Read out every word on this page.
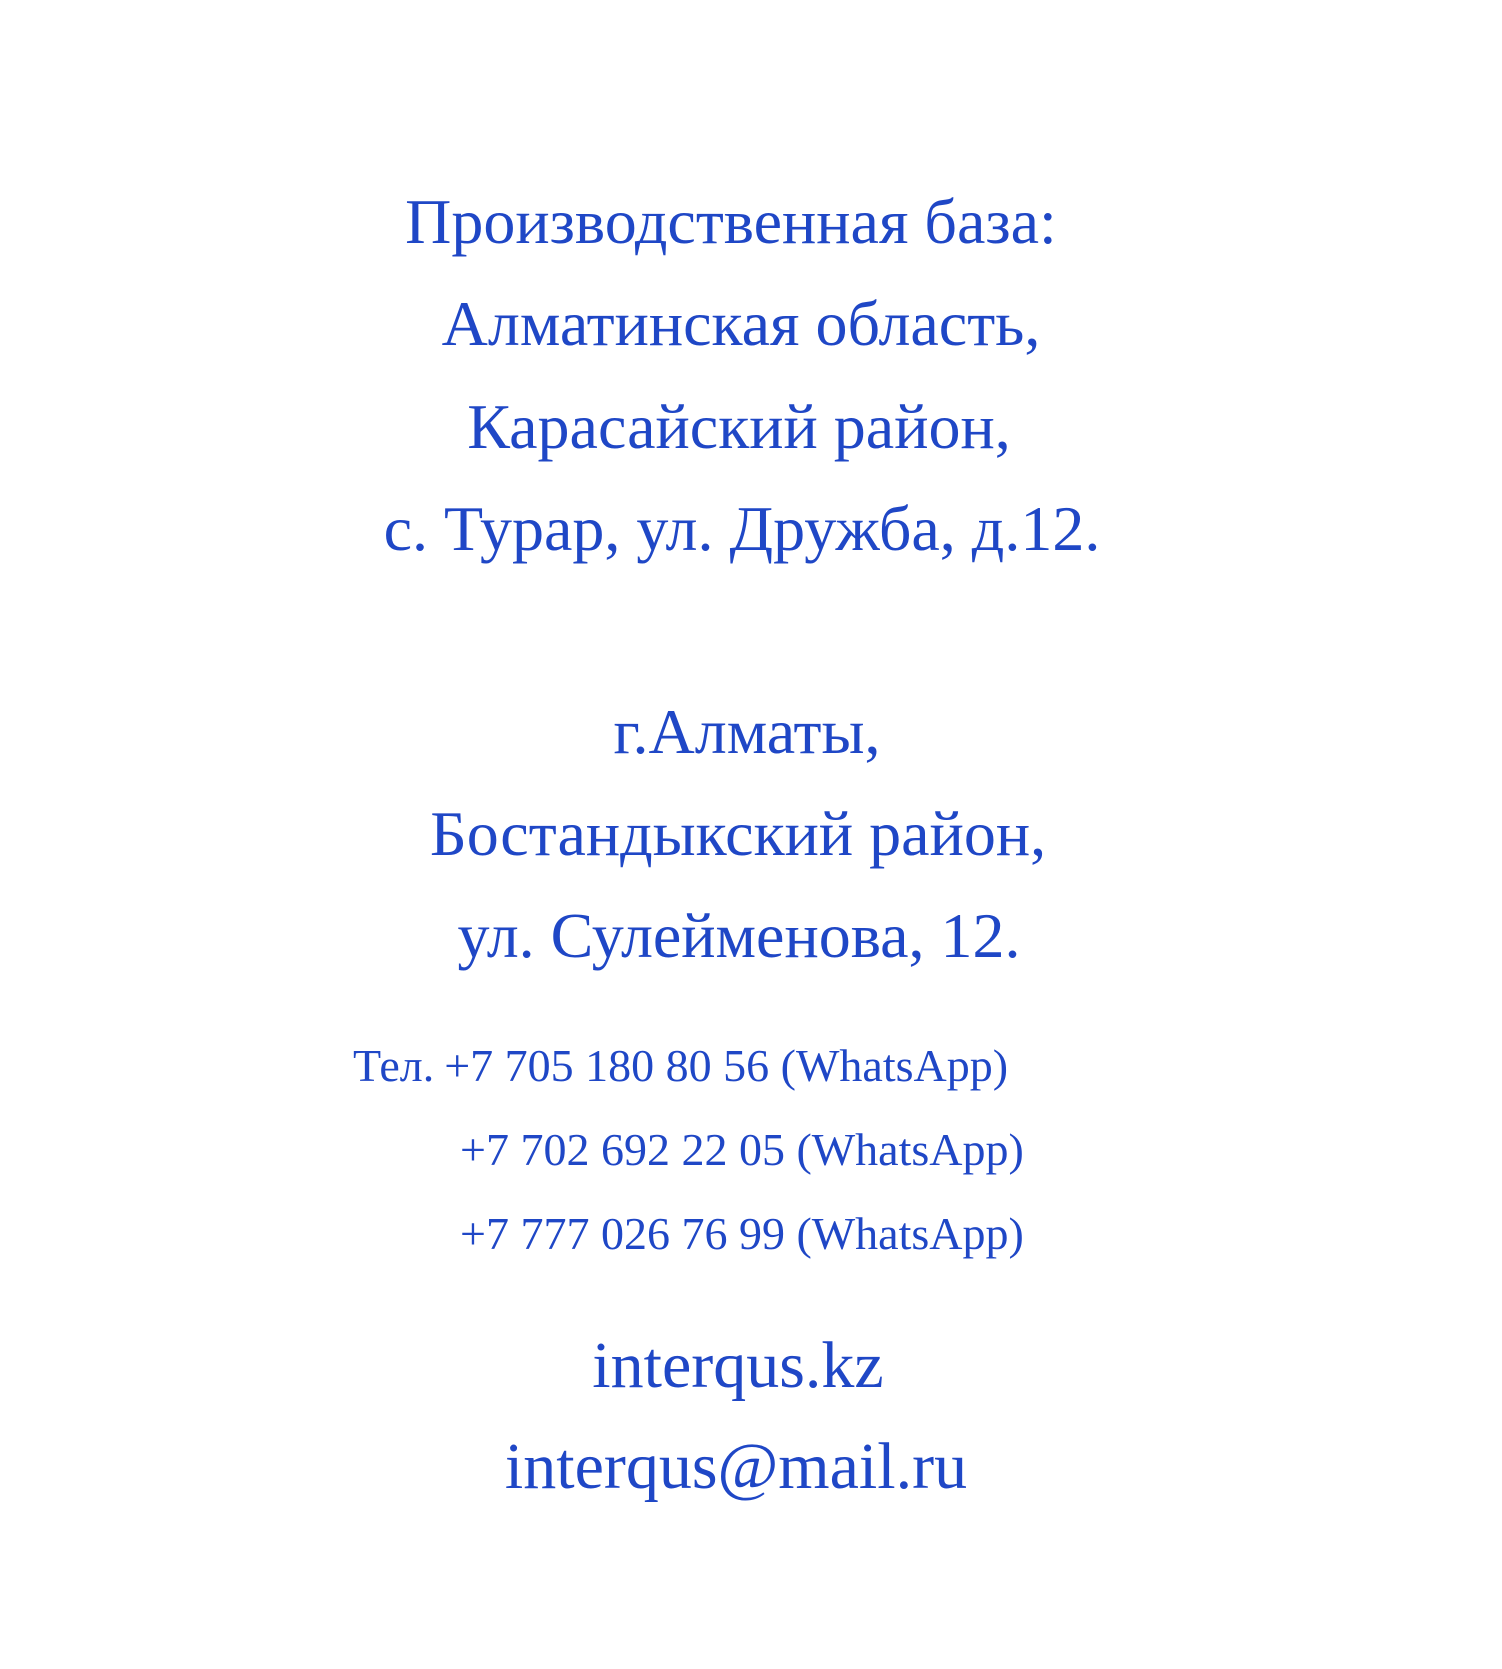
Производственная база:
Алматинская область,
Карасайский район,
с. Турар, ул. Дружба, д.12.
г.Алматы,
Бостандыкский район,
ул. Сулейменова, 12.
Тел. +7 705 180 80 56 (WhatsApp)
+7 702 692 22 05 (WhatsApp)
+7 777 026 76 99 (WhatsApp)
interqus.kz
interqus@mail.ru
